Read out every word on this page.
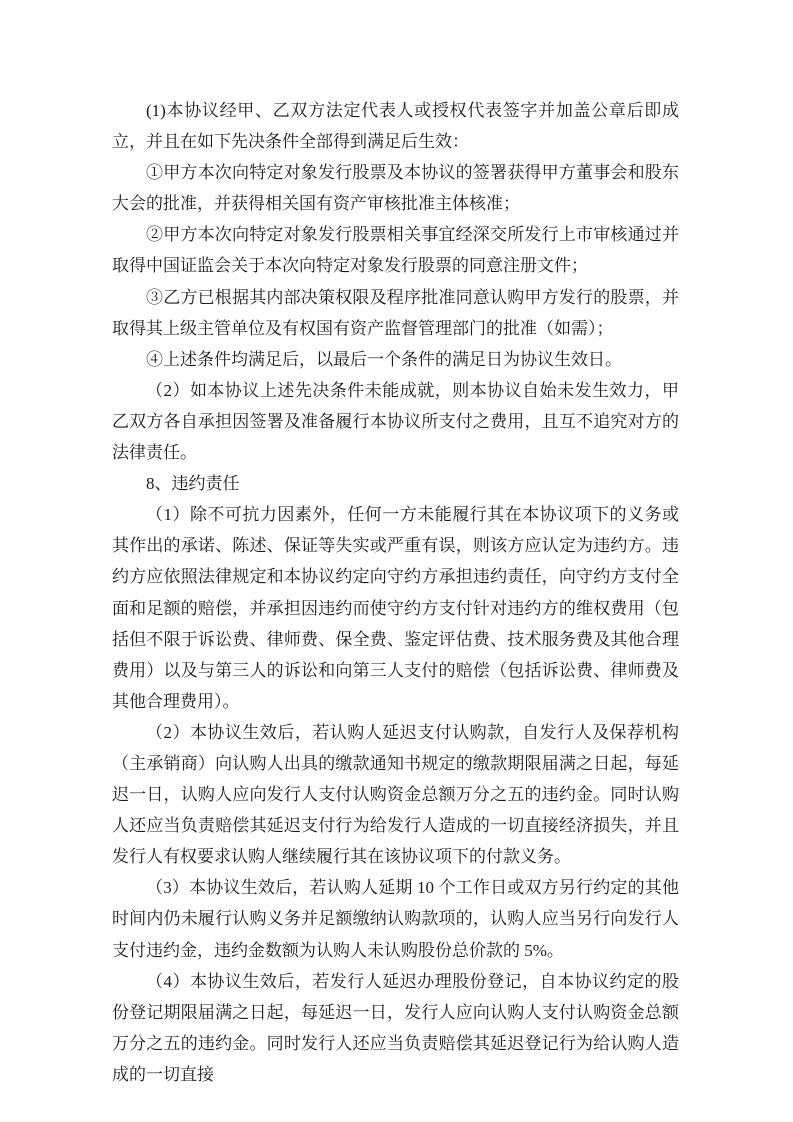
(1)本协议经甲、乙双方法定代表人或授权代表签字并加盖公章后即成立，并且在如下先决条件全部得到满足后生效：

①甲方本次向特定对象发行股票及本协议的签署获得甲方董事会和股东大会的批准，并获得相关国有资产审核批准主体核准；

②甲方本次向特定对象发行股票相关事宜经深交所发行上市审核通过并取得中国证监会关于本次向特定对象发行股票的同意注册文件；

③乙方已根据其内部决策权限及程序批准同意认购甲方发行的股票，并取得其上级主管单位及有权国有资产监督管理部门的批准（如需）；

④上述条件均满足后，以最后一个条件的满足日为协议生效日。

（2）如本协议上述先决条件未能成就，则本协议自始未发生效力，甲乙双方各自承担因签署及准备履行本协议所支付之费用，且互不追究对方的法律责任。

8、违约责任

（1）除不可抗力因素外，任何一方未能履行其在本协议项下的义务或其作出的承诺、陈述、保证等失实或严重有误，则该方应认定为违约方。违约方应依照法律规定和本协议约定向守约方承担违约责任，向守约方支付全面和足额的赔偿，并承担因违约而使守约方支付针对违约方的维权费用（包括但不限于诉讼费、律师费、保全费、鉴定评估费、技术服务费及其他合理费用）以及与第三人的诉讼和向第三人支付的赔偿（包括诉讼费、律师费及其他合理费用）。

（2）本协议生效后，若认购人延迟支付认购款，自发行人及保荐机构（主承销商）向认购人出具的缴款通知书规定的缴款期限届满之日起，每延迟一日，认购人应向发行人支付认购资金总额万分之五的违约金。同时认购人还应当负责赔偿其延迟支付行为给发行人造成的一切直接经济损失，并且发行人有权要求认购人继续履行其在该协议项下的付款义务。

（3）本协议生效后，若认购人延期 10 个工作日或双方另行约定的其他时间内仍未履行认购义务并足额缴纳认购款项的，认购人应当另行向发行人支付违约金，违约金数额为认购人未认购股份总价款的 5%。

（4）本协议生效后，若发行人延迟办理股份登记，自本协议约定的股份登记期限届满之日起，每延迟一日，发行人应向认购人支付认购资金总额万分之五的违约金。同时发行人还应当负责赔偿其延迟登记行为给认购人造成的一切直接
